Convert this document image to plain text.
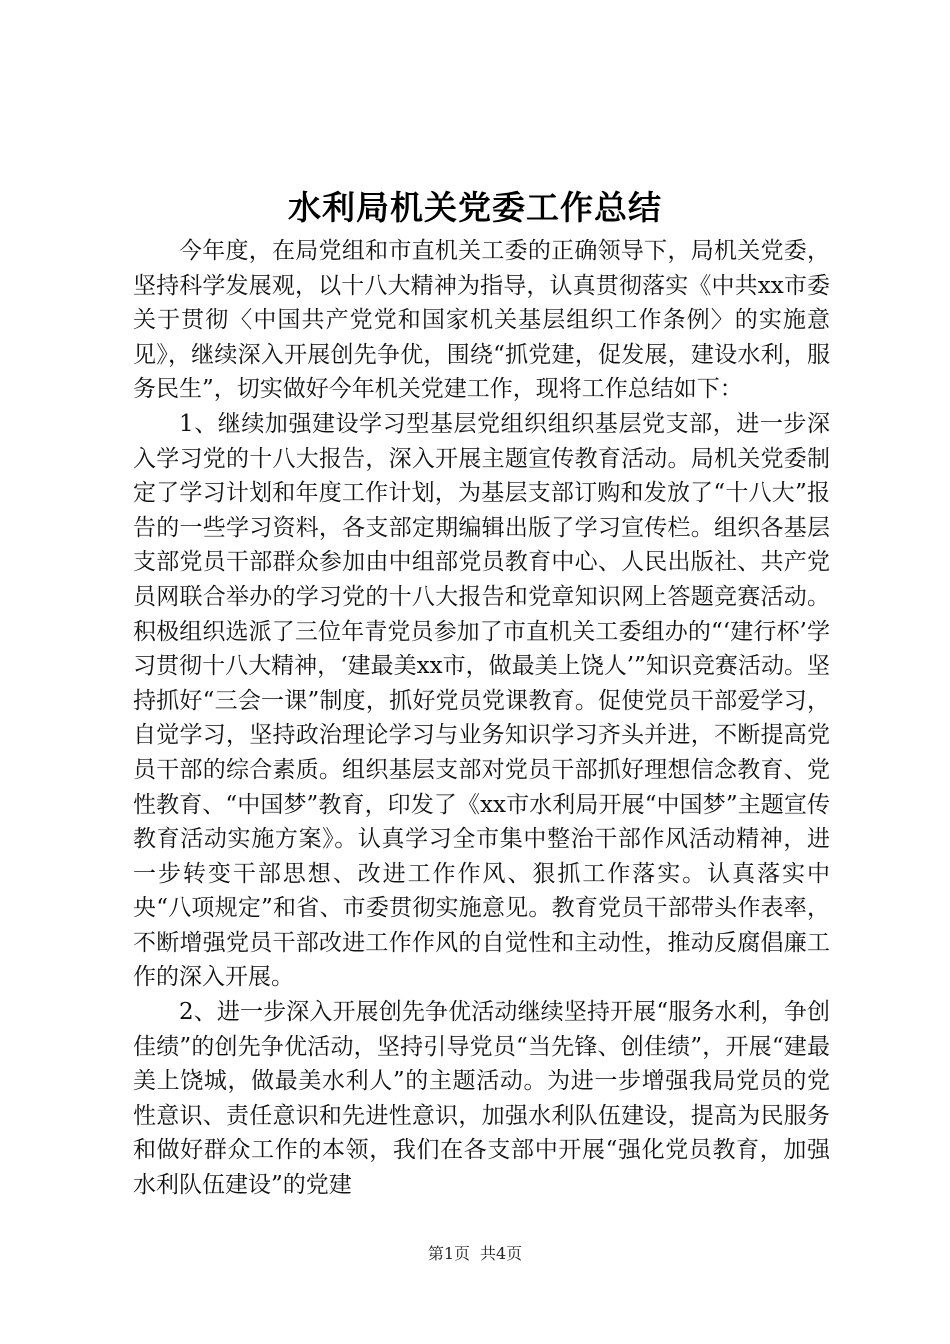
水利局机关党委工作总结

今年度，在局党组和市直机关工委的正确领导下，局机关党委，坚持科学发展观，以十八大精神为指导，认真贯彻落实《中共xx市委关于贯彻〈中国共产党党和国家机关基层组织工作条例〉的实施意见》，继续深入开展创先争优，围绕“抓党建，促发展，建设水利，服务民生”，切实做好今年机关党建工作，现将工作总结如下：

1、继续加强建设学习型基层党组织组织基层党支部，进一步深入学习党的十八大报告，深入开展主题宣传教育活动。局机关党委制定了学习计划和年度工作计划，为基层支部订购和发放了“十八大”报告的一些学习资料，各支部定期编辑出版了学习宣传栏。组织各基层支部党员干部群众参加由中组部党员教育中心、人民出版社、共产党员网联合举办的学习党的十八大报告和党章知识网上答题竞赛活动。积极组织选派了三位年青党员参加了市直机关工委组办的“‘建行杯’学习贯彻十八大精神，‘建最美xx市，做最美上饶人’”知识竞赛活动。坚持抓好“三会一课”制度，抓好党员党课教育。促使党员干部爱学习，自觉学习，坚持政治理论学习与业务知识学习齐头并进，不断提高党员干部的综合素质。组织基层支部对党员干部抓好理想信念教育、党性教育、“中国梦”教育，印发了《xx市水利局开展“中国梦”主题宣传教育活动实施方案》。认真学习全市集中整治干部作风活动精神，进一步转变干部思想、改进工作作风、狠抓工作落实。认真落实中央“八项规定”和省、市委贯彻实施意见。教育党员干部带头作表率，不断增强党员干部改进工作作风的自觉性和主动性，推动反腐倡廉工作的深入开展。

2、进一步深入开展创先争优活动继续坚持开展“服务水利，争创佳绩”的创先争优活动，坚持引导党员“当先锋、创佳绩”，开展“建最美上饶城，做最美水利人”的主题活动。为进一步增强我局党员的党性意识、责任意识和先进性意识，加强水利队伍建设，提高为民服务和做好群众工作的本领，我们在各支部中开展“强化党员教育，加强水利队伍建设”的党建

第1页 共4页
